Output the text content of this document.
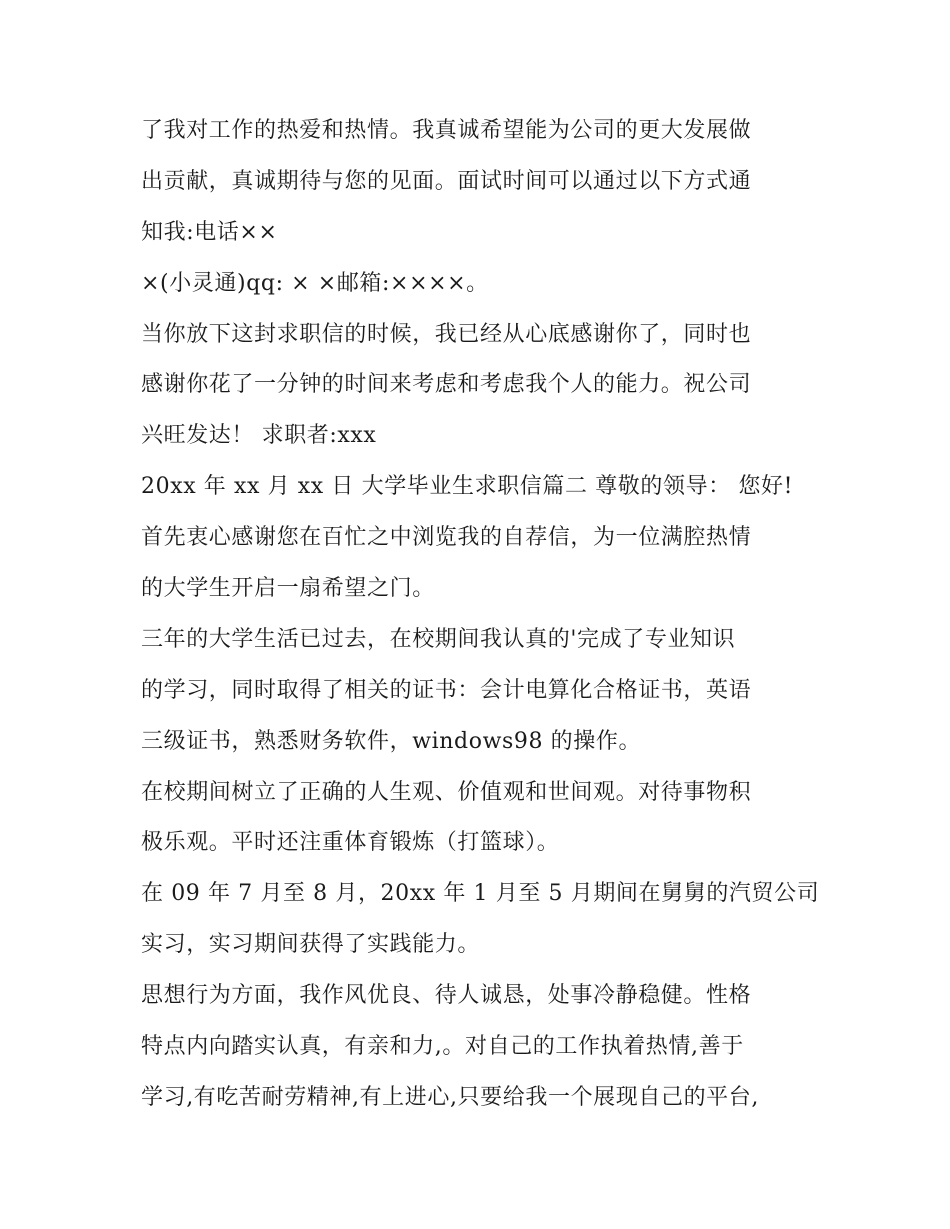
了我对工作的热爱和热情。我真诚希望能为公司的更大发展做
出贡献，真诚期待与您的见面。面试时间可以通过以下方式通
知我:电话××
×(小灵通)qq: × ×邮箱:××××。
当你放下这封求职信的时候，我已经从心底感谢你了，同时也
感谢你花了一分钟的时间来考虑和考虑我个人的能力。祝公司
兴旺发达！ 求职者:xxx
20xx 年 xx 月 xx 日 大学毕业生求职信篇二 尊敬的领导： 您好!
首先衷心感谢您在百忙之中浏览我的自荐信，为一位满腔热情
的大学生开启一扇希望之门。
三年的大学生活已过去，在校期间我认真的'完成了专业知识
的学习，同时取得了相关的证书：会计电算化合格证书，英语
三级证书，熟悉财务软件，windows98 的操作。
在校期间树立了正确的人生观、价值观和世间观。对待事物积
极乐观。平时还注重体育锻炼（打篮球）。
在 09 年 7 月至 8 月，20xx 年 1 月至 5 月期间在舅舅的汽贸公司
实习，实习期间获得了实践能力。
思想行为方面，我作风优良、待人诚恳，处事冷静稳健。性格
特点内向踏实认真，有亲和力,。对自己的工作执着热情,善于
学习,有吃苦耐劳精神,有上进心,只要给我一个展现自己的平台,
